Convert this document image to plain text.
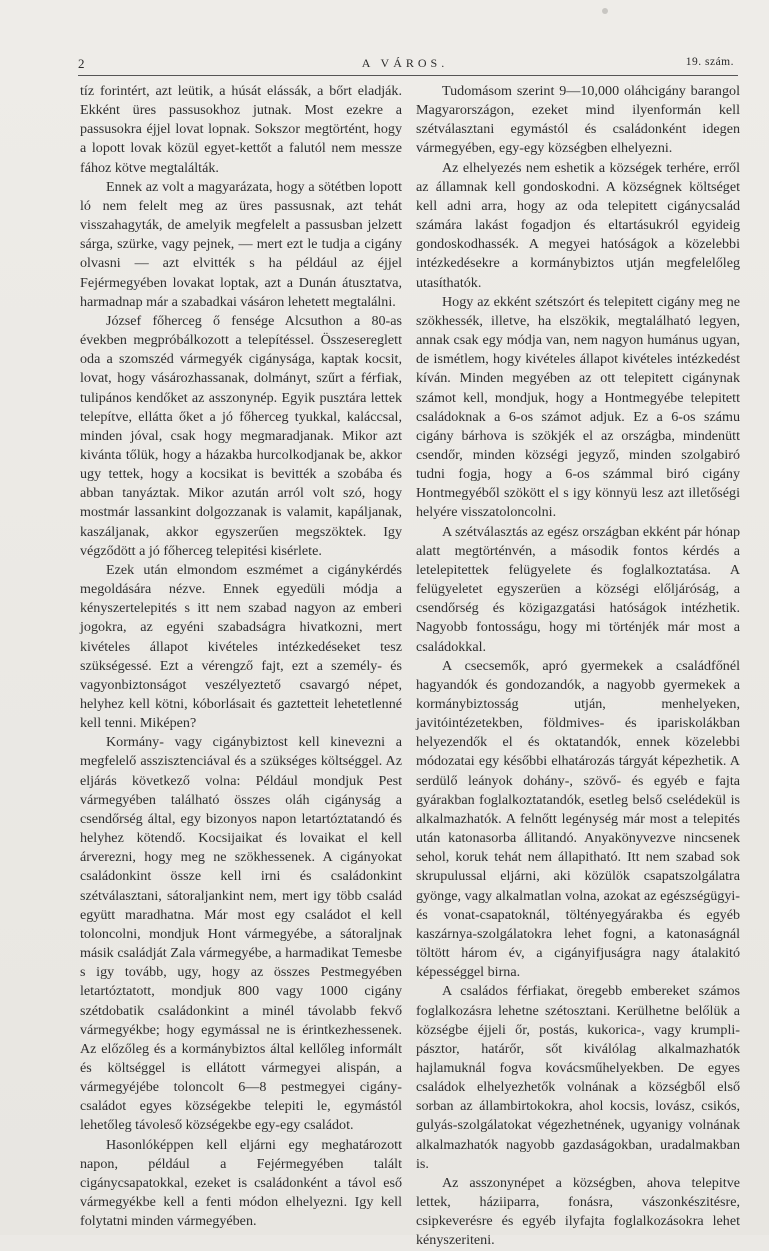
2	A VÁROS.	19. szám.

tíz forintért, azt leütik, a húsát elássák, a bőrt eladják. Ekként üres passusokhoz jutnak. Most ezekre a passusokra éjjel lovat lopnak. Sokszor megtörtént, hogy a lopott lovak közül egyet-kettőt a falutól nem messze fához kötve megtalálták.

Ennek az volt a magyarázata, hogy a sötétben lopott ló nem felelt meg az üres passusnak, azt tehát visszahagyták, de amelyik megfelelt a passusban jelzett sárga, szürke, vagy pejnek, — mert ezt le tudja a cigány olvasni — azt elvitték s ha például az éjjel Fejérmegyében lovakat loptak, azt a Dunán átusztatva, harmadnap már a szabadkai vásáron lehetett megtalálni.

József főherceg ő fensége Alcsuthon a 80-as években megpróbálkozott a telepítéssel. Összesereglett oda a szomszéd vármegyék cigánysága, kaptak kocsit, lovat, hogy vásározhassanak, dolmányt, szűrt a férfiak, tulipános kendőket az asszonynép. Egyik pusztára lettek telepítve, ellátta őket a jó főherceg tyukkal, kaláccsal, minden jóval, csak hogy megmaradjanak. Mikor azt kivánta tőlük, hogy a házakba hurcolkodjanak be, akkor ugy tettek, hogy a kocsikat is bevitték a szobába és abban tanyáztak. Mikor azután arról volt szó, hogy mostmár lassankint dolgozzanak is valamit, kapáljanak, kaszáljanak, akkor egyszerűen megszöktek. Igy végződött a jó főherceg telepitési kisérlete.

Ezek után elmondom eszmémet a cigánykérdés megoldására nézve. Ennek egyedüli módja a kényszertelepités s itt nem szabad nagyon az emberi jogokra, az egyéni szabadságra hivatkozni, mert kivételes állapot kivételes intézkedéseket tesz szükségessé. Ezt a vérengző fajt, ezt a személy- és vagyonbiztonságot veszélyeztető csavargó népet, helyhez kell kötni, kóborlásait és gaztetteit lehetetlenné kell tenni. Miképen?

Kormány- vagy cigánybiztost kell kinevezni a megfelelő asszisztenciával és a szükséges költséggel. Az eljárás következő volna: Például mondjuk Pest vármegyében található összes oláh cigányság a csendőrség által, egy bizonyos napon letartóztatandó és helyhez kötendő. Kocsijaikat és lovaikat el kell árverezni, hogy meg ne szökhessenek. A cigányokat családonkint össze kell irni és családonkint szétválasztani, sátoraljankint nem, mert igy több család együtt maradhatna. Már most egy családot el kell toloncolni, mondjuk Hont vármegyébe, a sátoraljnak másik családját Zala vármegyébe, a harmadikat Temesbe s igy tovább, ugy, hogy az összes Pestmegyében letartóztatott, mondjuk 800 vagy 1000 cigány szétdobatik családonkint a minél távolabb fekvő vármegyékbe; hogy egymással ne is érintkezhessenek. Az előzőleg és a kormánybiztos által kellőleg informált és költséggel is ellátott vármegyei alispán, a vármegyéjébe toloncolt 6—8 pestmegyei cigány-családot egyes községekbe telepiti le, egymástól lehetőleg távoleső községekbe egy-egy családot.

Hasonlóképpen kell eljárni egy meghatározott napon, például a Fejérmegyében talált cigánycsapatokkal, ezeket is családonként a távol eső vármegyékbe kell a fenti módon elhelyezni. Igy kell folytatni minden vármegyében.

Tudomásom szerint 9—10,000 oláhcigány barangol Magyarországon, ezeket mind ilyenformán kell szétválasztani egymástól és családonként idegen vármegyében, egy-egy községben elhelyezni.

Az elhelyezés nem eshetik a községek terhére, erről az államnak kell gondoskodni. A községnek költséget kell adni arra, hogy az oda telepitett cigánycsalád számára lakást fogadjon és eltartásukról egyideig gondoskodhassék. A megyei hatóságok a közelebbi intézkedésekre a kormánybiztos utján megfelelőleg utasíthatók.

Hogy az ekként szétszórt és telepitett cigány meg ne szökhessék, illetve, ha elszökik, megtalálható legyen, annak csak egy módja van, nem nagyon humánus ugyan, de ismétlem, hogy kivételes állapot kivételes intézkedést kíván. Minden megyében az ott telepitett cigánynak számot kell, mondjuk, hogy a Hontmegyébe telepitett családoknak a 6-os számot adjuk. Ez a 6-os számu cigány bárhova is szökjék el az országba, mindenütt csendőr, minden községi jegyző, minden szolgabiró tudni fogja, hogy a 6-os számmal biró cigány Hontmegyéből szökött el s igy könnyü lesz azt illetőségi helyére visszatoloncolni.

A szétválasztás az egész országban ekként pár hónap alatt megtörténvén, a második fontos kérdés a letelepitettek felügyelete és foglalkoztatása. A felügyeletet egyszerüen a községi előljáróság, a csendőrség és közigazgatási hatóságok intézhetik. Nagyobb fontosságu, hogy mi történjék már most a családokkal.

A csecsemők, apró gyermekek a családfőnél hagyandók és gondozandók, a nagyobb gyermekek a kormánybiztosság utján, menhelyeken, javitóintézetekben, földmives- és ipariskolákban helyezendők el és oktatandók, ennek közelebbi módozatai egy későbbi elhatározás tárgyát képezhetik. A serdülő leányok dohány-, szövő- és egyéb e fajta gyárakban foglalkoztatandók, esetleg belső cselédekül is alkalmazhatók. A felnőtt legénység már most a telepités után katonasorba állitandó. Anyakönyvezve nincsenek sehol, koruk tehát nem állapitható. Itt nem szabad sok skrupulussal eljárni, aki közülök csapatszolgálatra gyönge, vagy alkalmatlan volna, azokat az egészségügyi- és vonat-csapatoknál, töltényegyárakba és egyéb kaszárnya-szolgálatokra lehet fogni, a katonaságnál töltött három év, a cigányifjuságra nagy átalakitó képességgel birna.

A családos férfiakat, öregebb embereket számos foglalkozásra lehetne szétosztani. Kerülhetne belőlük a községbe éjjeli őr, postás, kukorica-, vagy krumpli-pásztor, határőr, sőt kiválólag alkalmazhatók hajlamuknál fogva kovácsműhelyekben. De egyes családok elhelyezhetők volnának a községből első sorban az állambirtokokra, ahol kocsis, lovász, csikós, gulyás-szolgálatokat végezhetnének, ugyanigy volnának alkalmazhatók nagyobb gazdaságokban, uradalmakban is.

Az asszonynépet a községben, ahova telepitve lettek, háziiparra, fonásra, vászonkészitésre, csipkeverésre és egyéb ilyfajta foglalkozásokra lehet kényszeriteni.
